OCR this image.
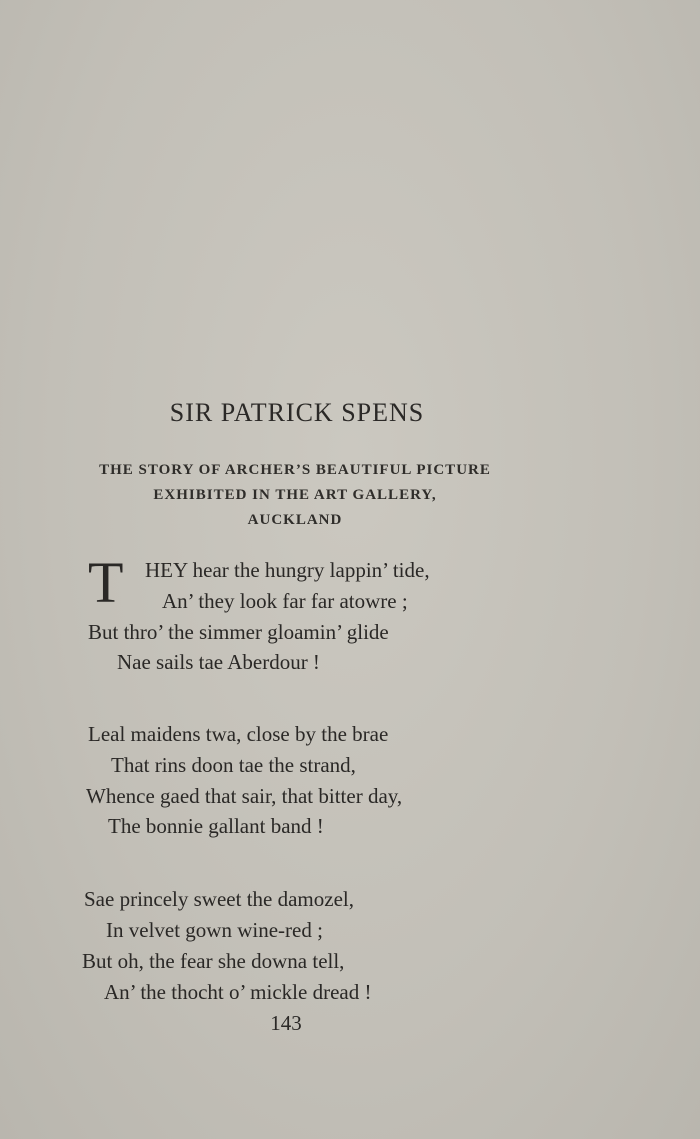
SIR PATRICK SPENS
THE STORY OF ARCHER’S BEAUTIFUL PICTURE
EXHIBITED IN THE ART GALLERY,
AUCKLAND
T HEY hear the hungry lappin’ tide,
An’ they look far far atowre ;
But thro’ the simmer gloamin’ glide
Nae sails tae Aberdour !
Leal maidens twa, close by the brae
That rins doon tae the strand,
Whence gaed that sair, that bitter day,
The bonnie gallant band !
Sae princely sweet the damozel,
In velvet gown wine-red ;
But oh, the fear she downa tell,
An’ the thocht o’ mickle dread !
143
